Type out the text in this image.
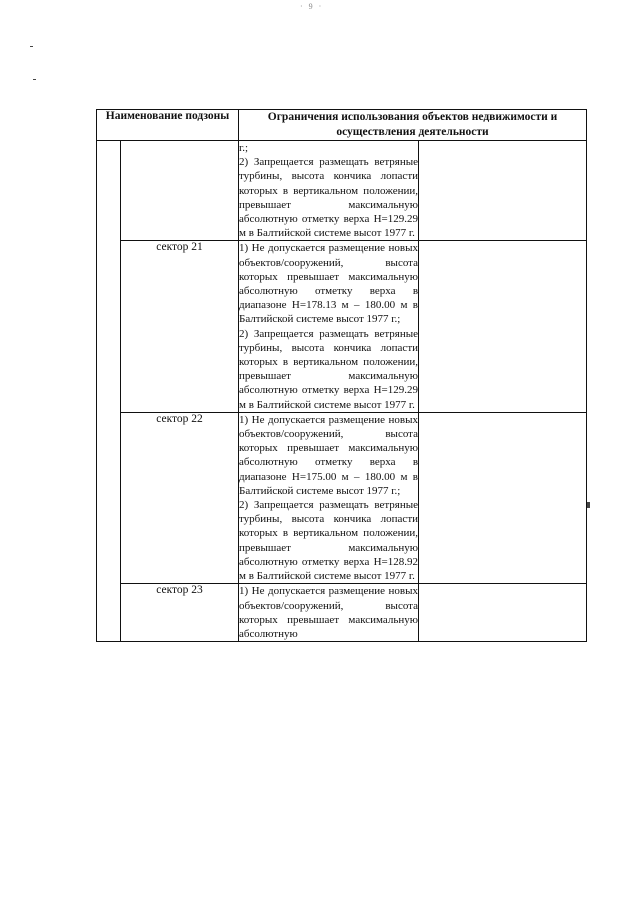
· 9 ·
Наименование подзоны		Ограничения использования объектов недвижимости и осуществления деятельности	

		г.;

2) Запрещается размещать ветряные турбины, высота кончика лопасти которых в вертикальном положении, превышает максимальную абсолютную отметку верха Н=129.29 м в Балтийской системе высот 1977 г.	

	сектор 21	1) Не допускается размещение новых объектов/сооружений, высота которых превышает максимальную абсолютную отметку верха в диапазоне Н=178.13 м – 180.00 м в Балтийской системе высот 1977 г.;

2) Запрещается размещать ветряные турбины, высота кончика лопасти которых в вертикальном положении, превышает максимальную абсолютную отметку верха Н=129.29 м в Балтийской системе высот 1977 г.	

	сектор 22	1) Не допускается размещение новых объектов/сооружений, высота которых превышает максимальную абсолютную отметку верха в диапазоне Н=175.00 м – 180.00 м в Балтийской системе высот 1977 г.;

2) Запрещается размещать ветряные турбины, высота кончика лопасти которых в вертикальном положении, превышает максимальную абсолютную отметку верха Н=128.92 м в Балтийской системе высот 1977 г.	

	сектор 23	1) Не допускается размещение новых объектов/сооружений, высота которых превышает максимальную абсолютную	
